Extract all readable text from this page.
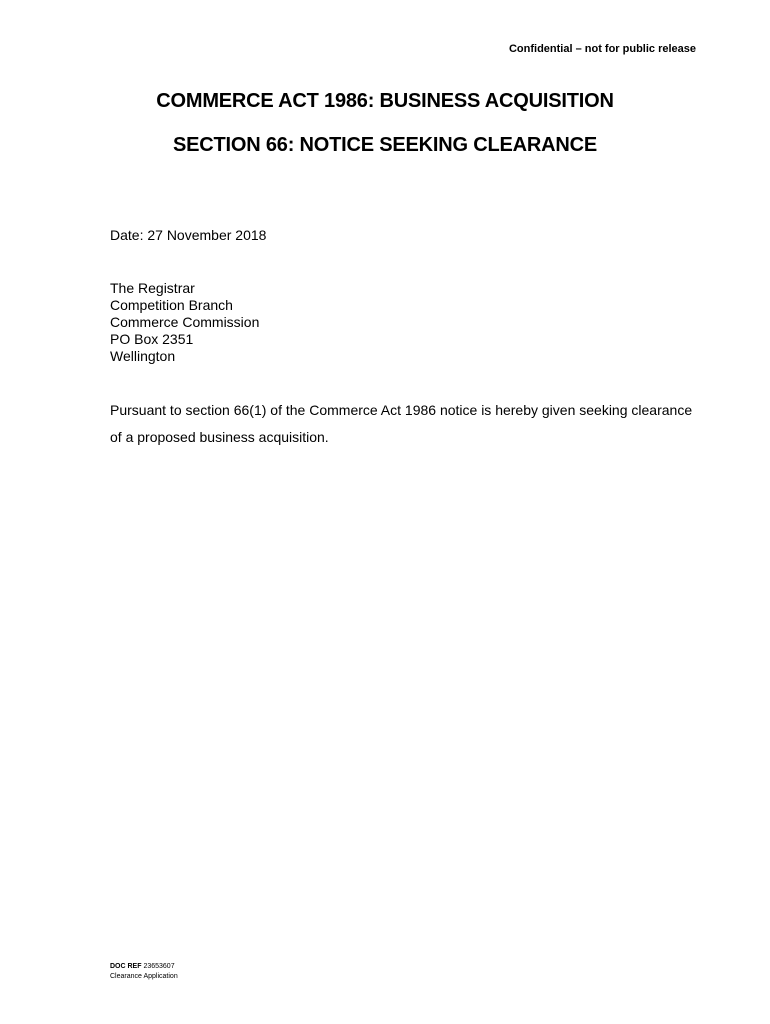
Confidential – not for public release
COMMERCE ACT 1986: BUSINESS ACQUISITION
SECTION 66: NOTICE SEEKING CLEARANCE
Date: 27 November 2018
The Registrar
Competition Branch
Commerce Commission
PO Box 2351
Wellington
Pursuant to section 66(1) of the Commerce Act 1986 notice is hereby given seeking clearance of a proposed business acquisition.
DOC REF 23653607
Clearance Application
